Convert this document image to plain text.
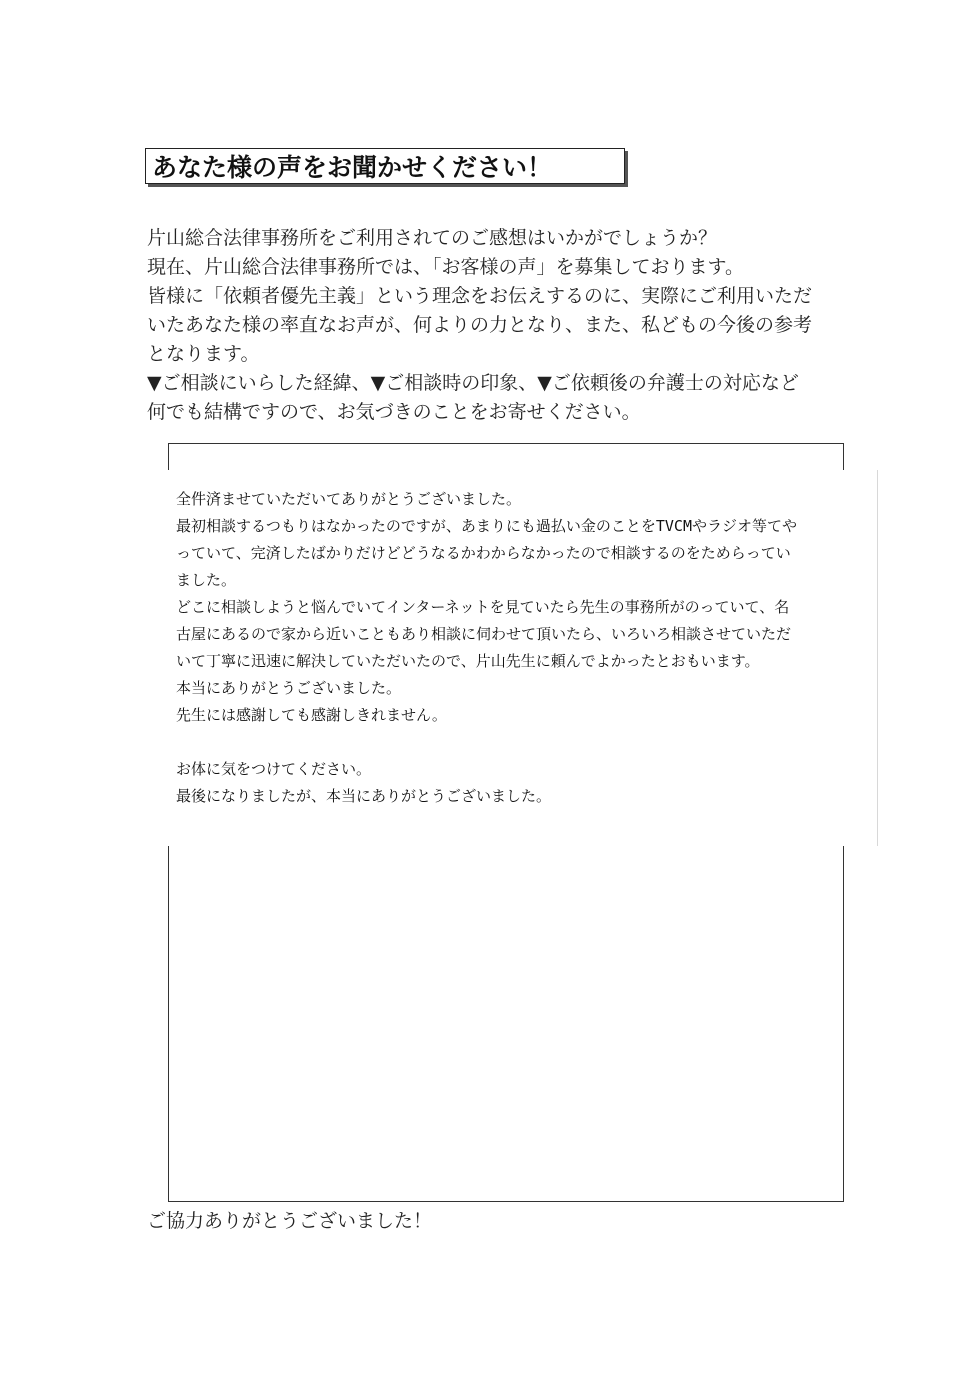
あなた様の声をお聞かせください！

片山総合法律事務所をご利用されてのご感想はいかがでしょうか？

現在、片山総合法律事務所では、「お客様の声」を募集しております。

皆様に「依頼者優先主義」という理念をお伝えするのに、実際にご利用いただ

いたあなた様の率直なお声が、何よりの力となり、また、私どもの今後の参考

となります。

▼ご相談にいらした経緯、▼ご相談時の印象、▼ご依頼後の弁護士の対応など

何でも結構ですので、お気づきのことをお寄せください。

全件済ませていただいてありがとうございました。

最初相談するつもりはなかったのですが、あまりにも過払い金のことをTVCMやラジオ等てや

っていて、完済したばかりだけどどうなるかわからなかったので相談するのをためらってい

ました。

どこに相談しようと悩んでいてインターネットを見ていたら先生の事務所がのっていて、名

古屋にあるので家から近いこともあり相談に伺わせて頂いたら、いろいろ相談させていただ

いて丁寧に迅速に解決していただいたので、片山先生に頼んでよかったとおもいます。

本当にありがとうございました。

先生には感謝しても感謝しきれません。

お体に気をつけてください。

最後になりましたが、本当にありがとうございました。

ご協力ありがとうございました！
